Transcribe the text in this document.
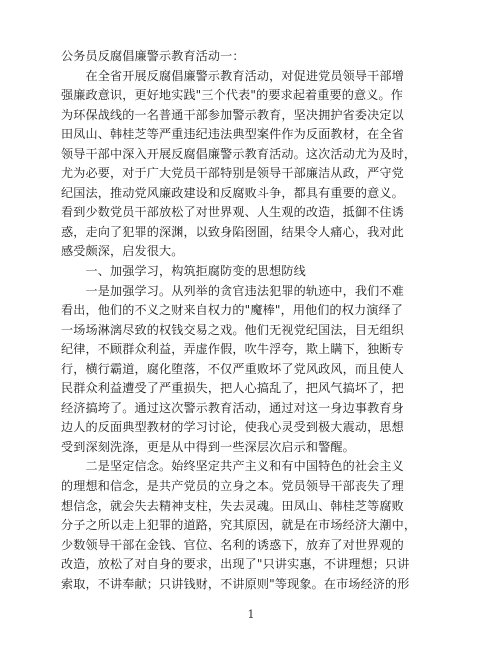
公务员反腐倡廉警示教育活动一：
　　在全省开展反腐倡廉警示教育活动，对促进党员领导干部增
强廉政意识，更好地实践"三个代表"的要求起着重要的意义。作
为环保战线的一名普通干部参加警示教育，坚决拥护省委决定以
田凤山、韩桂芝等严重违纪违法典型案件作为反面教材，在全省
领导干部中深入开展反腐倡廉警示教育活动。这次活动尤为及时，
尤为必要，对于广大党员干部特别是领导干部廉洁从政，严守党
纪国法，推动党风廉政建设和反腐败斗争，都具有重要的意义。
看到少数党员干部放松了对世界观、人生观的改造，抵御不住诱
惑，走向了犯罪的深渊，以致身陷囹圄，结果令人痛心，我对此
感受颇深，启发很大。
　　一、加强学习，构筑拒腐防变的思想防线
　　一是加强学习。从列举的贪官违法犯罪的轨迹中，我们不难
看出，他们的不义之财来自权力的"魔棒"，用他们的权力演绎了
一场场淋漓尽致的权钱交易之戏。他们无视党纪国法，目无组织
纪律，不顾群众利益，弄虚作假，吹牛浮夸，欺上瞒下，独断专
行，横行霸道，腐化堕落，不仅严重败坏了党风政风，而且使人
民群众利益遭受了严重损失，把人心搞乱了，把风气搞坏了，把
经济搞垮了。通过这次警示教育活动，通过对这一身边事教育身
边人的反面典型教材的学习讨论，使我心灵受到极大震动，思想
受到深刻洗涤，更是从中得到一些深层次启示和警醒。
　　二是坚定信念。始终坚定共产主义和有中国特色的社会主义
的理想和信念，是共产党员的立身之本。党员领导干部丧失了理
想信念，就会失去精神支柱，失去灵魂。田凤山、韩桂芝等腐败
分子之所以走上犯罪的道路，究其原因，就是在市场经济大潮中，
少数领导干部在金钱、官位、名利的诱惑下，放弃了对世界观的
改造，放松了对自身的要求，出现了"只讲实惠，不讲理想；只讲
索取，不讲奉献；只讲钱财，不讲原则"等现象。在市场经济的形
1
